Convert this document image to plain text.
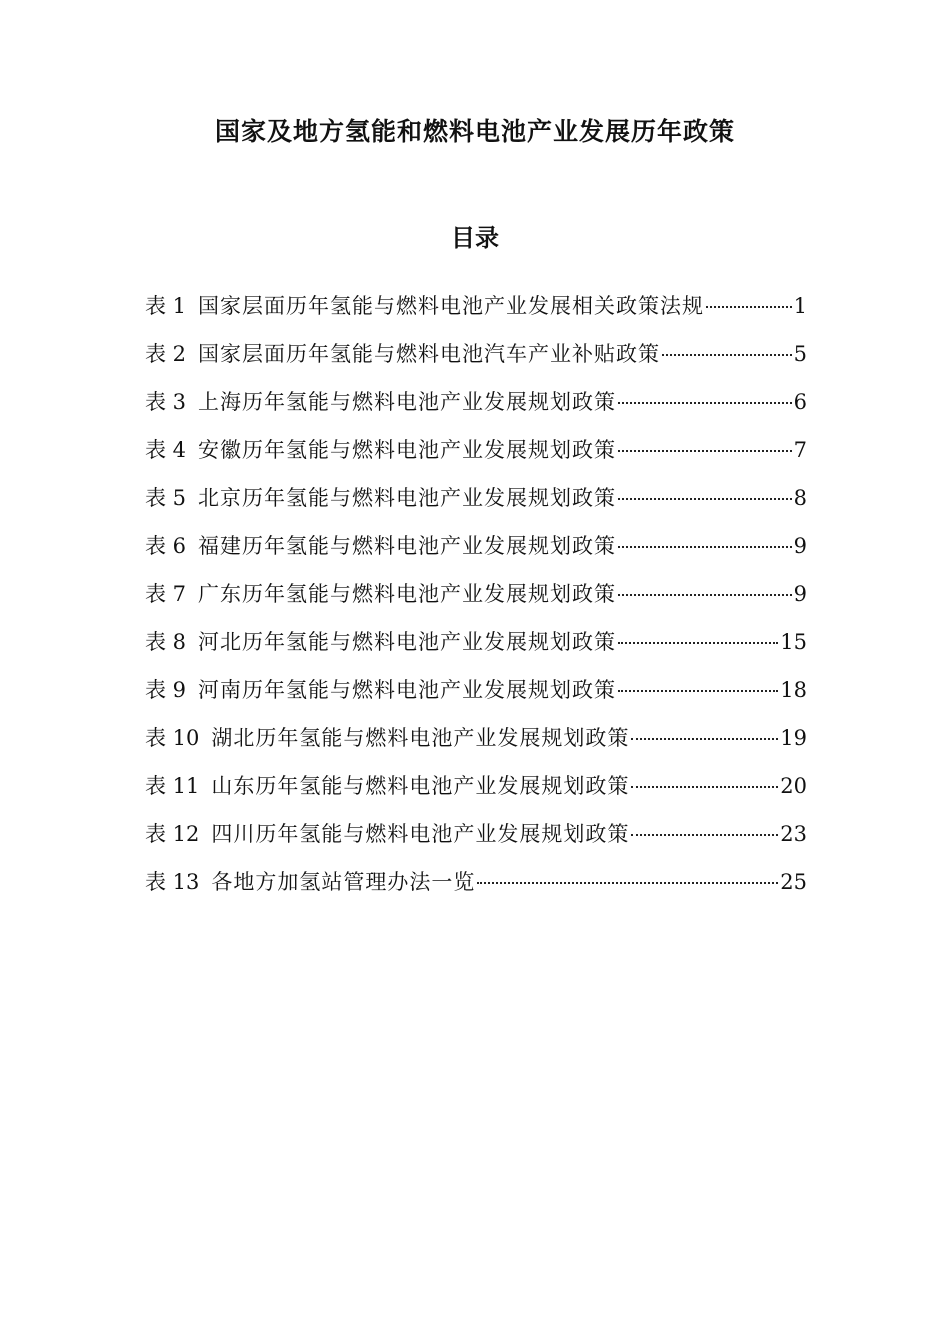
国家及地方氢能和燃料电池产业发展历年政策
目录
表 1 国家层面历年氢能与燃料电池产业发展相关政策法规	1
表 2 国家层面历年氢能与燃料电池汽车产业补贴政策	5
表 3 上海历年氢能与燃料电池产业发展规划政策	6
表 4 安徽历年氢能与燃料电池产业发展规划政策	7
表 5 北京历年氢能与燃料电池产业发展规划政策	8
表 6 福建历年氢能与燃料电池产业发展规划政策	9
表 7 广东历年氢能与燃料电池产业发展规划政策	9
表 8 河北历年氢能与燃料电池产业发展规划政策	15
表 9 河南历年氢能与燃料电池产业发展规划政策	18
表 10 湖北历年氢能与燃料电池产业发展规划政策	19
表 11 山东历年氢能与燃料电池产业发展规划政策	20
表 12 四川历年氢能与燃料电池产业发展规划政策	23
表 13 各地方加氢站管理办法一览	25
